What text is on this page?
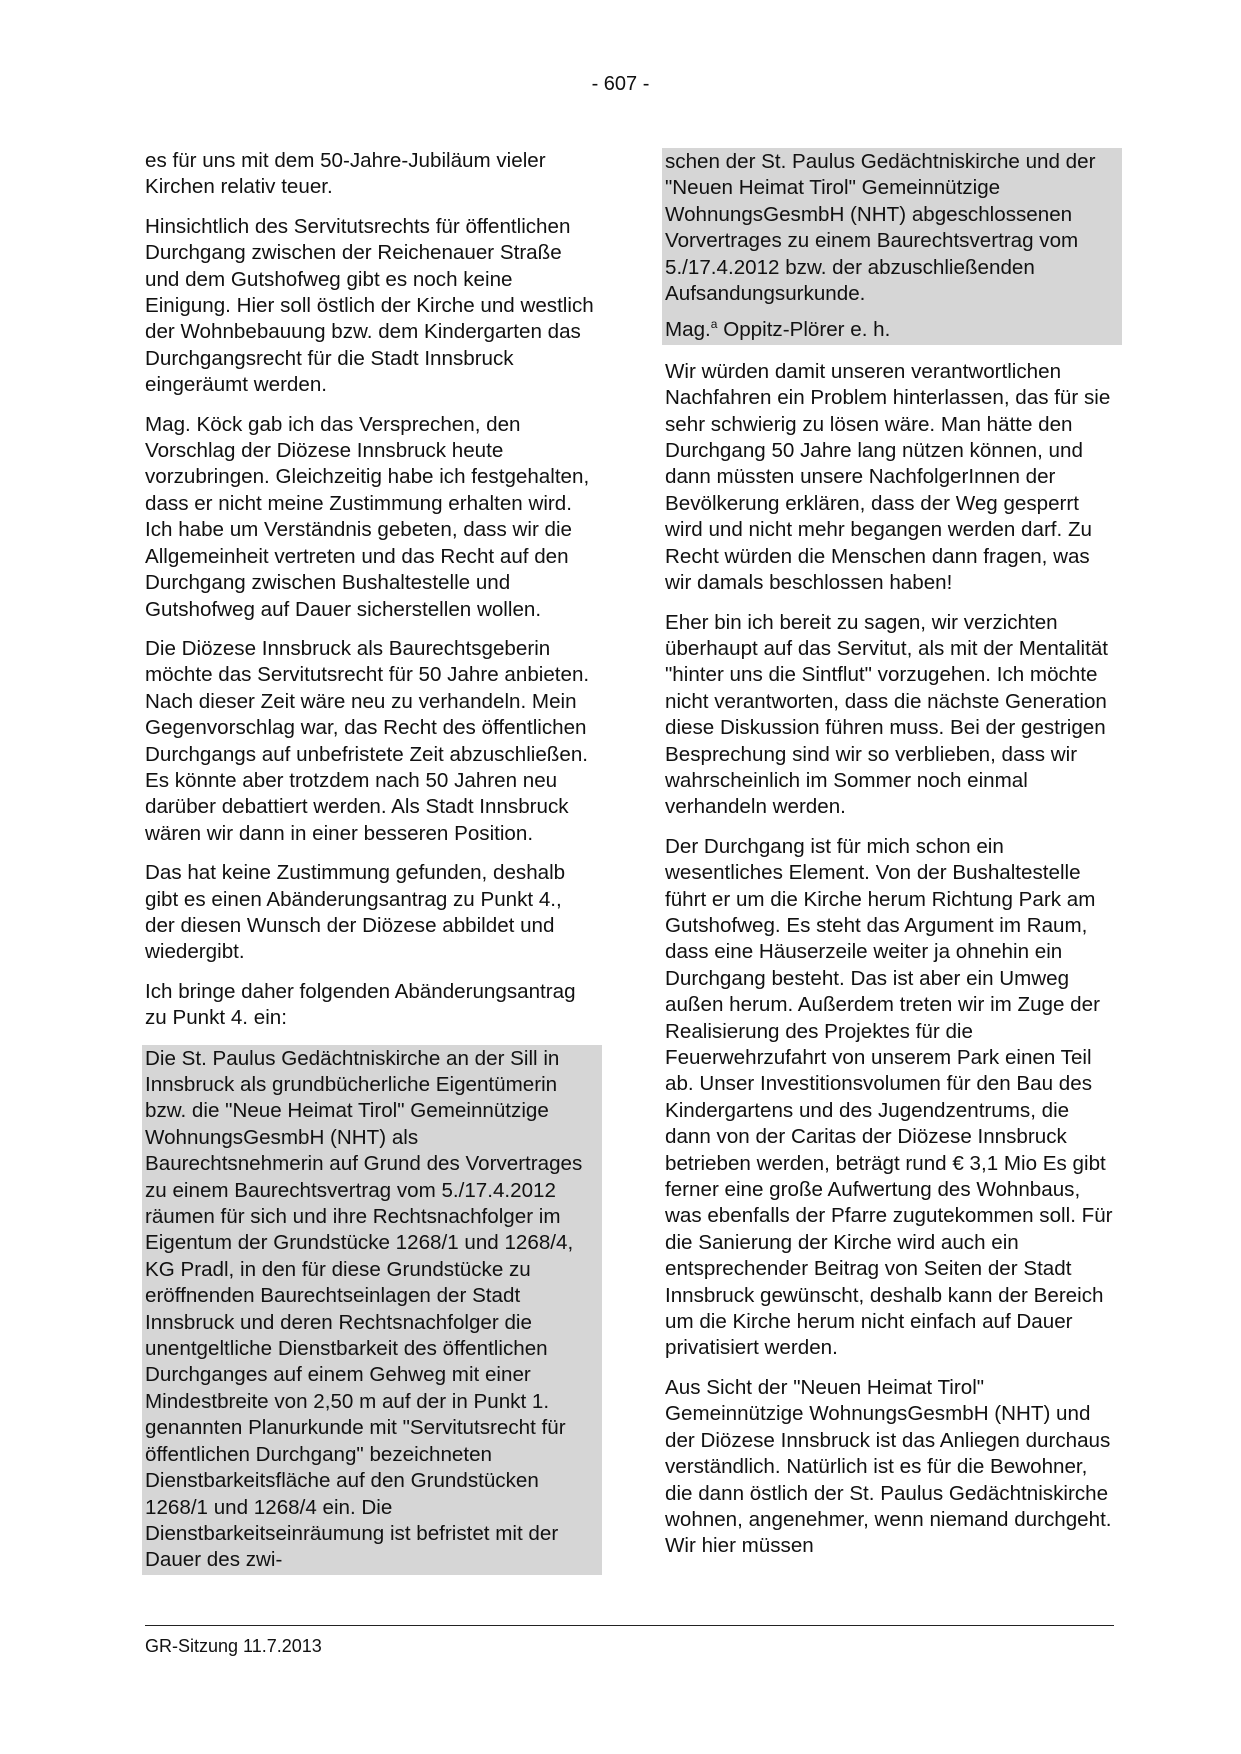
- 607 -

es für uns mit dem 50-Jahre-Jubiläum vieler Kirchen relativ teuer.

Hinsichtlich des Servitutsrechts für öffentlichen Durchgang zwischen der Reichenauer Straße und dem Gutshofweg gibt es noch keine Einigung. Hier soll östlich der Kirche und westlich der Wohnbebauung bzw. dem Kindergarten das Durchgangsrecht für die Stadt Innsbruck eingeräumt werden.

Mag. Köck gab ich das Versprechen, den Vorschlag der Diözese Innsbruck heute vorzubringen. Gleichzeitig habe ich festgehalten, dass er nicht meine Zustimmung erhalten wird. Ich habe um Verständnis gebeten, dass wir die Allgemeinheit vertreten und das Recht auf den Durchgang zwischen Bushaltestelle und Gutshofweg auf Dauer sicherstellen wollen.

Die Diözese Innsbruck als Baurechtsgeberin möchte das Servitutsrecht für 50 Jahre anbieten. Nach dieser Zeit wäre neu zu verhandeln. Mein Gegenvorschlag war, das Recht des öffentlichen Durchgangs auf unbefristete Zeit abzuschließen. Es könnte aber trotzdem nach 50 Jahren neu darüber debattiert werden. Als Stadt Innsbruck wären wir dann in einer besseren Position.

Das hat keine Zustimmung gefunden, deshalb gibt es einen Abänderungsantrag zu Punkt 4., der diesen Wunsch der Diözese abbildet und wiedergibt.

Ich bringe daher folgenden Abänderungsantrag zu Punkt 4. ein:

Die St. Paulus Gedächtniskirche an der Sill in Innsbruck als grundbücherliche Eigentümerin bzw. die "Neue Heimat Tirol" Gemeinnützige WohnungsGesmbH (NHT) als Baurechtsnehmerin auf Grund des Vorvertrages zu einem Baurechtsvertrag vom 5./17.4.2012 räumen für sich und ihre Rechtsnachfolger im Eigentum der Grundstücke 1268/1 und 1268/4, KG Pradl, in den für diese Grundstücke zu eröffnenden Baurechtseinlagen der Stadt Innsbruck und deren Rechtsnachfolger die unentgeltliche Dienstbarkeit des öffentlichen Durchganges auf einem Gehweg mit einer Mindestbreite von 2,50 m auf der in Punkt 1. genannten Planurkunde mit "Servitutsrecht für öffentlichen Durchgang" bezeichneten Dienstbarkeitsfläche auf den Grundstücken 1268/1 und 1268/4 ein. Die Dienstbarkeitseinräumung ist befristet mit der Dauer des zwi-

schen der St. Paulus Gedächtniskirche und der "Neuen Heimat Tirol" Gemeinnützige WohnungsGesmbH (NHT) abgeschlossenen Vorvertrages zu einem Baurechtsvertrag vom 5./17.4.2012 bzw. der abzuschließenden Aufsandungsurkunde.

Mag.$^a$ Oppitz-Plörer e. h.

Wir würden damit unseren verantwortlichen Nachfahren ein Problem hinterlassen, das für sie sehr schwierig zu lösen wäre. Man hätte den Durchgang 50 Jahre lang nützen können, und dann müssten unsere NachfolgerInnen der Bevölkerung erklären, dass der Weg gesperrt wird und nicht mehr begangen werden darf. Zu Recht würden die Menschen dann fragen, was wir damals beschlossen haben!

Eher bin ich bereit zu sagen, wir verzichten überhaupt auf das Servitut, als mit der Mentalität "hinter uns die Sintflut" vorzugehen. Ich möchte nicht verantworten, dass die nächste Generation diese Diskussion führen muss. Bei der gestrigen Besprechung sind wir so verblieben, dass wir wahrscheinlich im Sommer noch einmal verhandeln werden.

Der Durchgang ist für mich schon ein wesentliches Element. Von der Bushaltestelle führt er um die Kirche herum Richtung Park am Gutshofweg. Es steht das Argument im Raum, dass eine Häuserzeile weiter ja ohnehin ein Durchgang besteht. Das ist aber ein Umweg außen herum. Außerdem treten wir im Zuge der Realisierung des Projektes für die Feuerwehrzufahrt von unserem Park einen Teil ab. Unser Investitionsvolumen für den Bau des Kindergartens und des Jugendzentrums, die dann von der Caritas der Diözese Innsbruck betrieben werden, beträgt rund € 3,1 Mio Es gibt ferner eine große Aufwertung des Wohnbaus, was ebenfalls der Pfarre zugutekommen soll. Für die Sanierung der Kirche wird auch ein entsprechender Beitrag von Seiten der Stadt Innsbruck gewünscht, deshalb kann der Bereich um die Kirche herum nicht einfach auf Dauer privatisiert werden.

Aus Sicht der "Neuen Heimat Tirol" Gemeinnützige WohnungsGesmbH (NHT) und der Diözese Innsbruck ist das Anliegen durchaus verständlich. Natürlich ist es für die Bewohner, die dann östlich der St. Paulus Gedächtniskirche wohnen, angenehmer, wenn niemand durchgeht. Wir hier müssen

GR-Sitzung 11.7.2013
